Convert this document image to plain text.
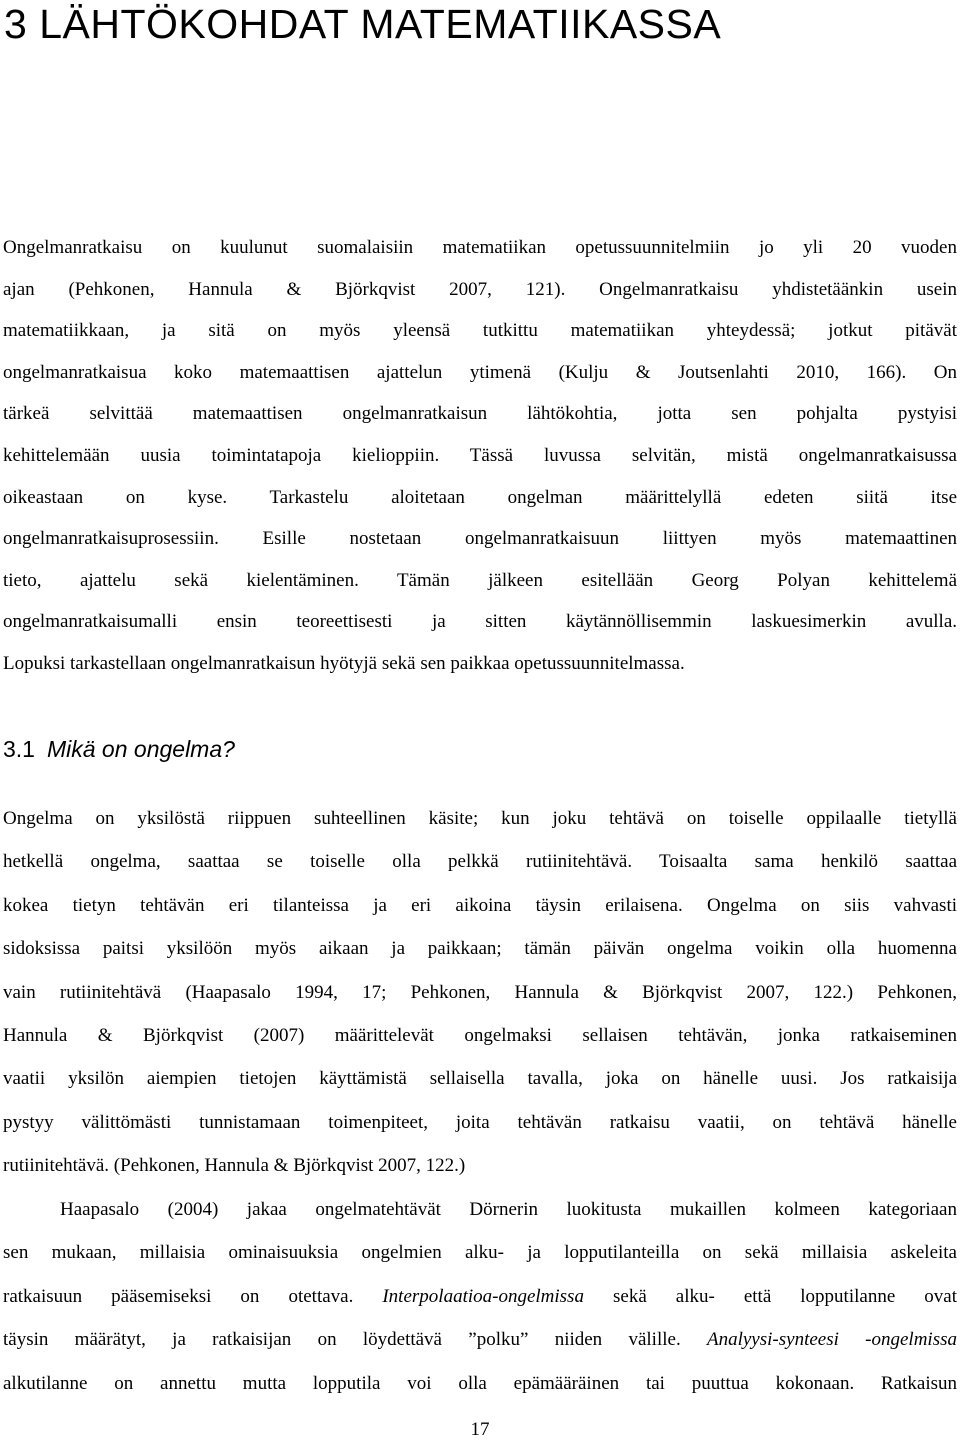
3 LÄHTÖKOHDAT MATEMATIIKASSA
Ongelmanratkaisu on kuulunut suomalaisiin matematiikan opetussuunnitelmiin jo yli 20 vuoden
ajan (Pehkonen, Hannula & Björkqvist 2007, 121). Ongelmanratkaisu yhdistetäänkin usein
matematiikkaan, ja sitä on myös yleensä tutkittu matematiikan yhteydessä; jotkut pitävät
ongelmanratkaisua koko matemaattisen ajattelun ytimenä (Kulju & Joutsenlahti 2010, 166). On
tärkeä selvittää matemaattisen ongelmanratkaisun lähtökohtia, jotta sen pohjalta pystyisi
kehittelemään uusia toimintatapoja kielioppiin. Tässä luvussa selvitän, mistä ongelmanratkaisussa
oikeastaan on kyse. Tarkastelu aloitetaan ongelman määrittelyllä edeten siitä itse
ongelmanratkaisuprosessiin. Esille nostetaan ongelmanratkaisuun liittyen myös matemaattinen
tieto, ajattelu sekä kielentäminen. Tämän jälkeen esitellään Georg Polyan kehittelemä
ongelmanratkaisumalli ensin teoreettisesti ja sitten käytännöllisemmin laskuesimerkin avulla.
Lopuksi tarkastellaan ongelmanratkaisun hyötyjä sekä sen paikkaa opetussuunnitelmassa.
3.1 Mikä on ongelma?
Ongelma on yksilöstä riippuen suhteellinen käsite; kun joku tehtävä on toiselle oppilaalle tietyllä
hetkellä ongelma, saattaa se toiselle olla pelkkä rutiinitehtävä. Toisaalta sama henkilö saattaa
kokea tietyn tehtävän eri tilanteissa ja eri aikoina täysin erilaisena. Ongelma on siis vahvasti
sidoksissa paitsi yksilöön myös aikaan ja paikkaan; tämän päivän ongelma voikin olla huomenna
vain rutiinitehtävä (Haapasalo 1994, 17; Pehkonen, Hannula & Björkqvist 2007, 122.) Pehkonen,
Hannula & Björkqvist (2007) määrittelevät ongelmaksi sellaisen tehtävän, jonka ratkaiseminen
vaatii yksilön aiempien tietojen käyttämistä sellaisella tavalla, joka on hänelle uusi. Jos ratkaisija
pystyy välittömästi tunnistamaan toimenpiteet, joita tehtävän ratkaisu vaatii, on tehtävä hänelle
rutiinitehtävä. (Pehkonen, Hannula & Björkqvist 2007, 122.)
Haapasalo (2004) jakaa ongelmatehtävät Dörnerin luokitusta mukaillen kolmeen kategoriaan
sen mukaan, millaisia ominaisuuksia ongelmien alku- ja lopputilanteilla on sekä millaisia askeleita
ratkaisuun pääsemiseksi on otettava. Interpolaatioa-ongelmissa sekä alku- että lopputilanne ovat
täysin määrätyt, ja ratkaisijan on löydettävä ”polku” niiden välille. Analyysi-synteesi -ongelmissa
alkutilanne on annettu mutta lopputila voi olla epämääräinen tai puuttua kokonaan. Ratkaisun
17
